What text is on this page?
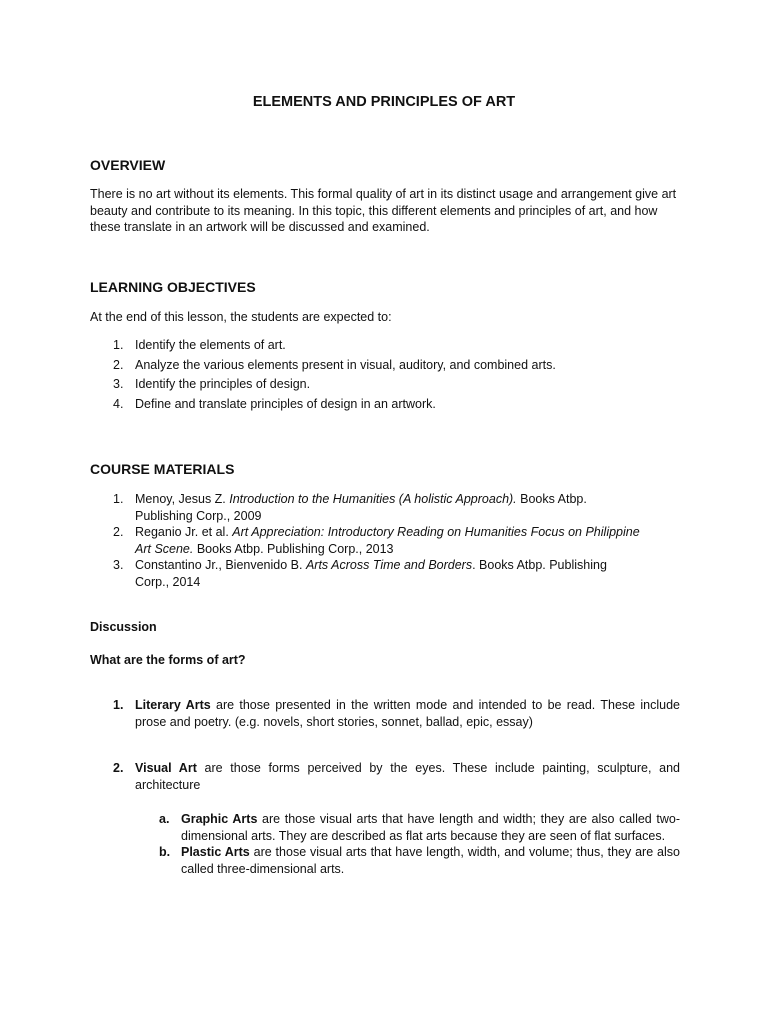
ELEMENTS AND PRINCIPLES OF ART
OVERVIEW
There is no art without its elements. This formal quality of art in its distinct usage and arrangement give art beauty and contribute to its meaning. In this topic, this different elements and principles of art, and how these translate in an artwork will be discussed and examined.
LEARNING OBJECTIVES
At the end of this lesson, the students are expected to:
1. Identify the elements of art.
2. Analyze the various elements present in visual, auditory, and combined arts.
3. Identify the principles of design.
4. Define and translate principles of design in an artwork.
COURSE MATERIALS
1. Menoy, Jesus Z. Introduction to the Humanities (A holistic Approach). Books Atbp. Publishing Corp., 2009
2. Reganio Jr. et al. Art Appreciation: Introductory Reading on Humanities Focus on Philippine Art Scene. Books Atbp. Publishing Corp., 2013
3. Constantino Jr., Bienvenido B. Arts Across Time and Borders. Books Atbp. Publishing Corp., 2014
Discussion
What are the forms of art?
1. Literary Arts are those presented in the written mode and intended to be read. These include prose and poetry. (e.g. novels, short stories, sonnet, ballad, epic, essay)
2. Visual Art are those forms perceived by the eyes. These include painting, sculpture, and architecture
a. Graphic Arts are those visual arts that have length and width; they are also called two-dimensional arts. They are described as flat arts because they are seen of flat surfaces.
b. Plastic Arts are those visual arts that have length, width, and volume; thus, they are also called three-dimensional arts.
